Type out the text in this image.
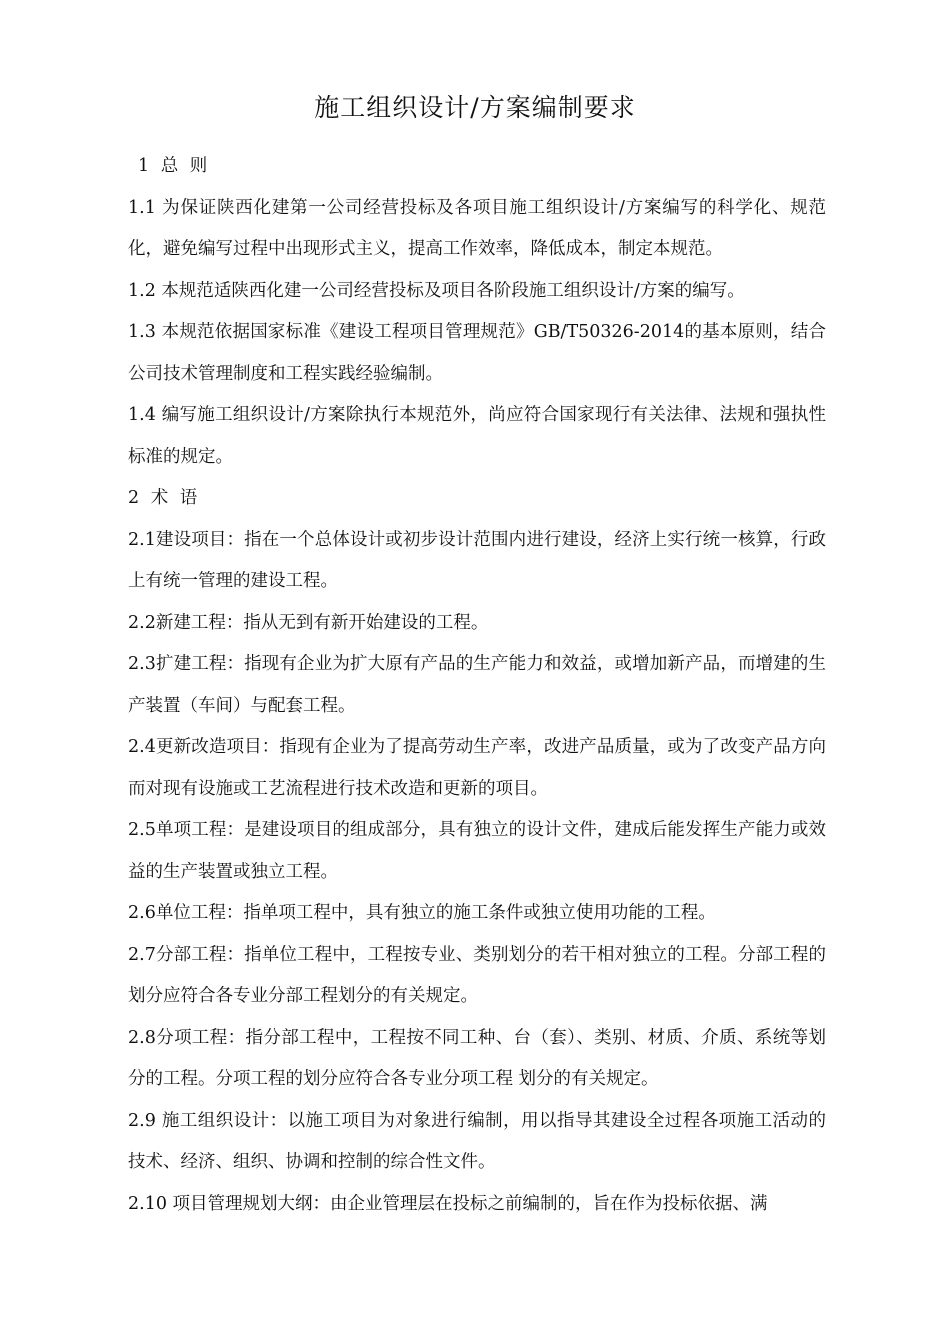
施工组织设计/方案编制要求

1 总 则

1.1 为保证陕西化建第一公司经营投标及各项目施工组织设计/方案编写的科学化、规范化，避免编写过程中出现形式主义，提高工作效率，降低成本，制定本规范。

1.2 本规范适陕西化建一公司经营投标及项目各阶段施工组织设计/方案的编写。

1.3 本规范依据国家标准《建设工程项目管理规范》GB/T50326-2014的基本原则，结合公司技术管理制度和工程实践经验编制。

1.4 编写施工组织设计/方案除执行本规范外，尚应符合国家现行有关法律、法规和强执性标准的规定。

2 术 语

2.1建设项目：指在一个总体设计或初步设计范围内进行建设，经济上实行统一核算，行政上有统一管理的建设工程。

2.2新建工程：指从无到有新开始建设的工程。

2.3扩建工程：指现有企业为扩大原有产品的生产能力和效益，或增加新产品，而增建的生产装置（车间）与配套工程。

2.4更新改造项目：指现有企业为了提高劳动生产率，改进产品质量，或为了改变产品方向而对现有设施或工艺流程进行技术改造和更新的项目。

2.5单项工程：是建设项目的组成部分，具有独立的设计文件，建成后能发挥生产能力或效益的生产装置或独立工程。

2.6单位工程：指单项工程中，具有独立的施工条件或独立使用功能的工程。

2.7分部工程：指单位工程中，工程按专业、类别划分的若干相对独立的工程。分部工程的划分应符合各专业分部工程划分的有关规定。

2.8分项工程：指分部工程中，工程按不同工种、台（套）、类别、材质、介质、系统等划分的工程。分项工程的划分应符合各专业分项工程 划分的有关规定。

2.9 施工组织设计：以施工项目为对象进行编制，用以指导其建设全过程各项施工活动的技术、经济、组织、协调和控制的综合性文件。

2.10 项目管理规划大纲：由企业管理层在投标之前编制的，旨在作为投标依据、满
